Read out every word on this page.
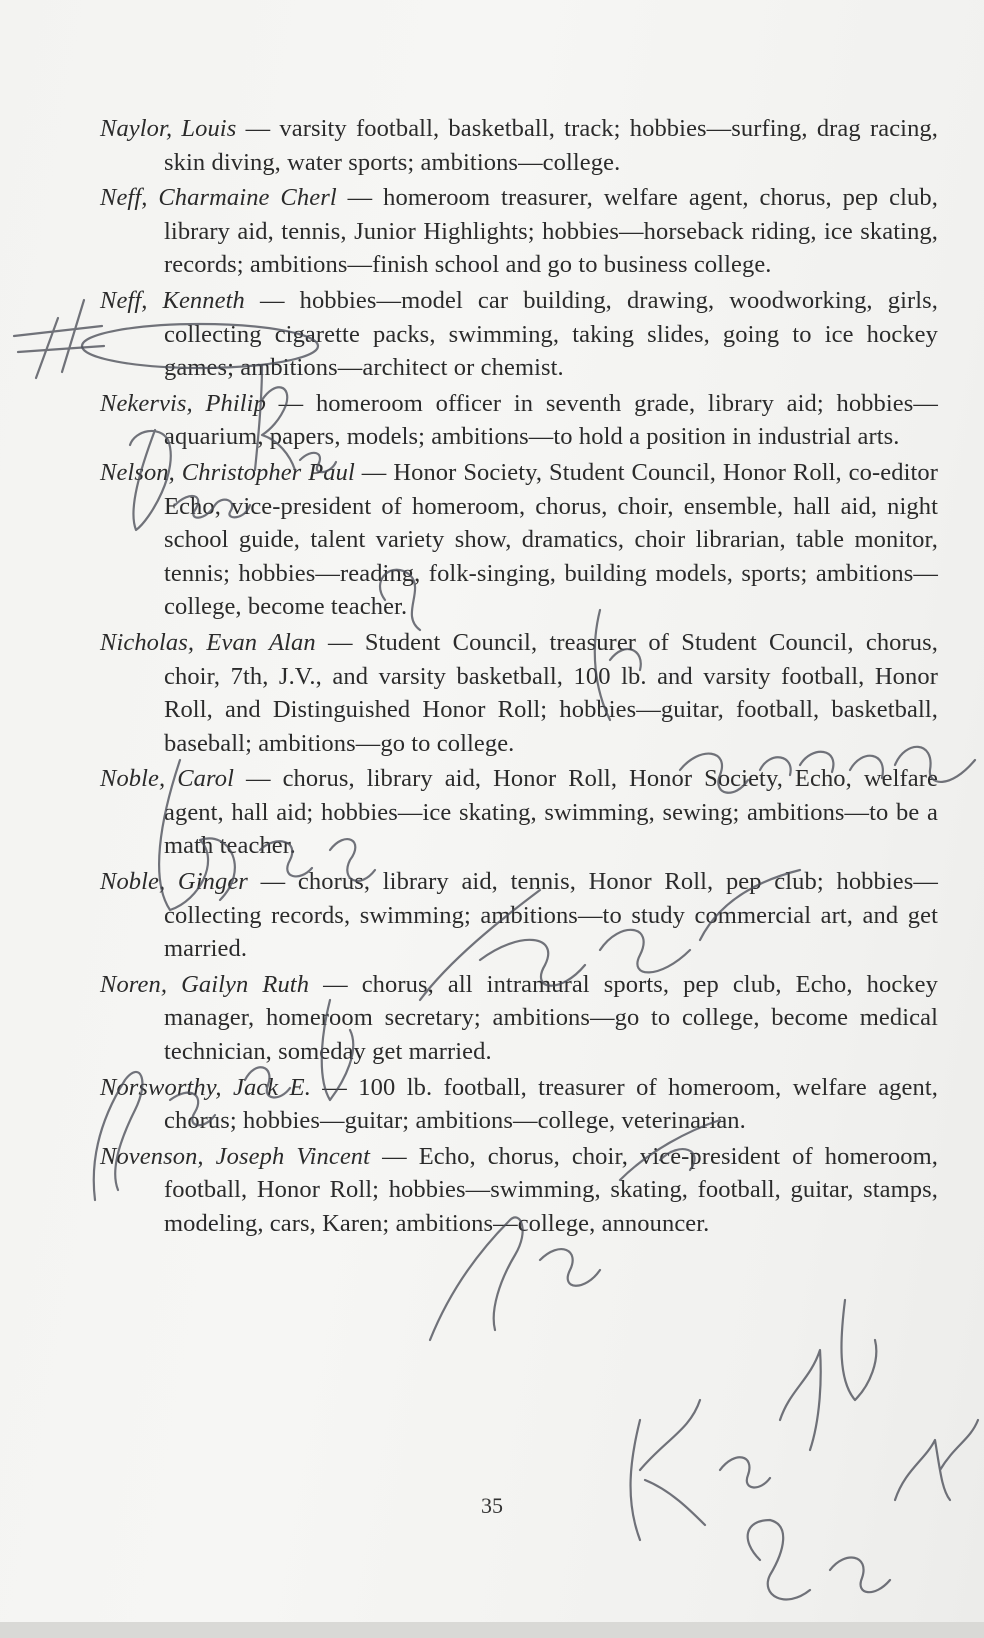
Naylor, Louis — varsity football, basketball, track; hobbies—surfing, drag racing, skin diving, water sports; ambitions—college.

Neff, Charmaine Cherl — homeroom treasurer, welfare agent, chorus, pep club, library aid, tennis, Junior Highlights; hobbies—horseback riding, ice skating, records; ambitions—finish school and go to business college.

Neff, Kenneth — hobbies—model car building, drawing, woodworking, girls, collecting cigarette packs, swimming, taking slides, going to ice hockey games; ambitions—architect or chemist.

Nekervis, Philip — homeroom officer in seventh grade, library aid; hobbies—aquarium, papers, models; ambitions—to hold a position in industrial arts.

Nelson, Christopher Paul — Honor Society, Student Council, Honor Roll, co-editor Echo, vice-president of homeroom, chorus, choir, ensemble, hall aid, night school guide, talent variety show, dramatics, choir librarian, table monitor, tennis; hobbies—reading, folk-singing, building models, sports; ambitions—college, become teacher.

Nicholas, Evan Alan — Student Council, treasurer of Student Council, chorus, choir, 7th, J.V., and varsity basketball, 100 lb. and varsity football, Honor Roll, and Distinguished Honor Roll; hobbies—guitar, football, basketball, baseball; ambitions—go to college.

Noble, Carol — chorus, library aid, Honor Roll, Honor Society, Echo, welfare agent, hall aid; hobbies—ice skating, swimming, sewing; ambitions—to be a math teacher.

Noble, Ginger — chorus, library aid, tennis, Honor Roll, pep club; hobbies—collecting records, swimming; ambitions—to study commercial art, and get married.

Noren, Gailyn Ruth — chorus, all intramural sports, pep club, Echo, hockey manager, homeroom secretary; ambitions—go to college, become medical technician, someday get married.

Norsworthy, Jack E. — 100 lb. football, treasurer of homeroom, welfare agent, chorus; hobbies—guitar; ambitions—college, veterinarian.

Novenson, Joseph Vincent — Echo, chorus, choir, vice-president of homeroom, football, Honor Roll; hobbies—swimming, skating, football, guitar, stamps, modeling, cars, Karen; ambitions—college, announcer.

35
